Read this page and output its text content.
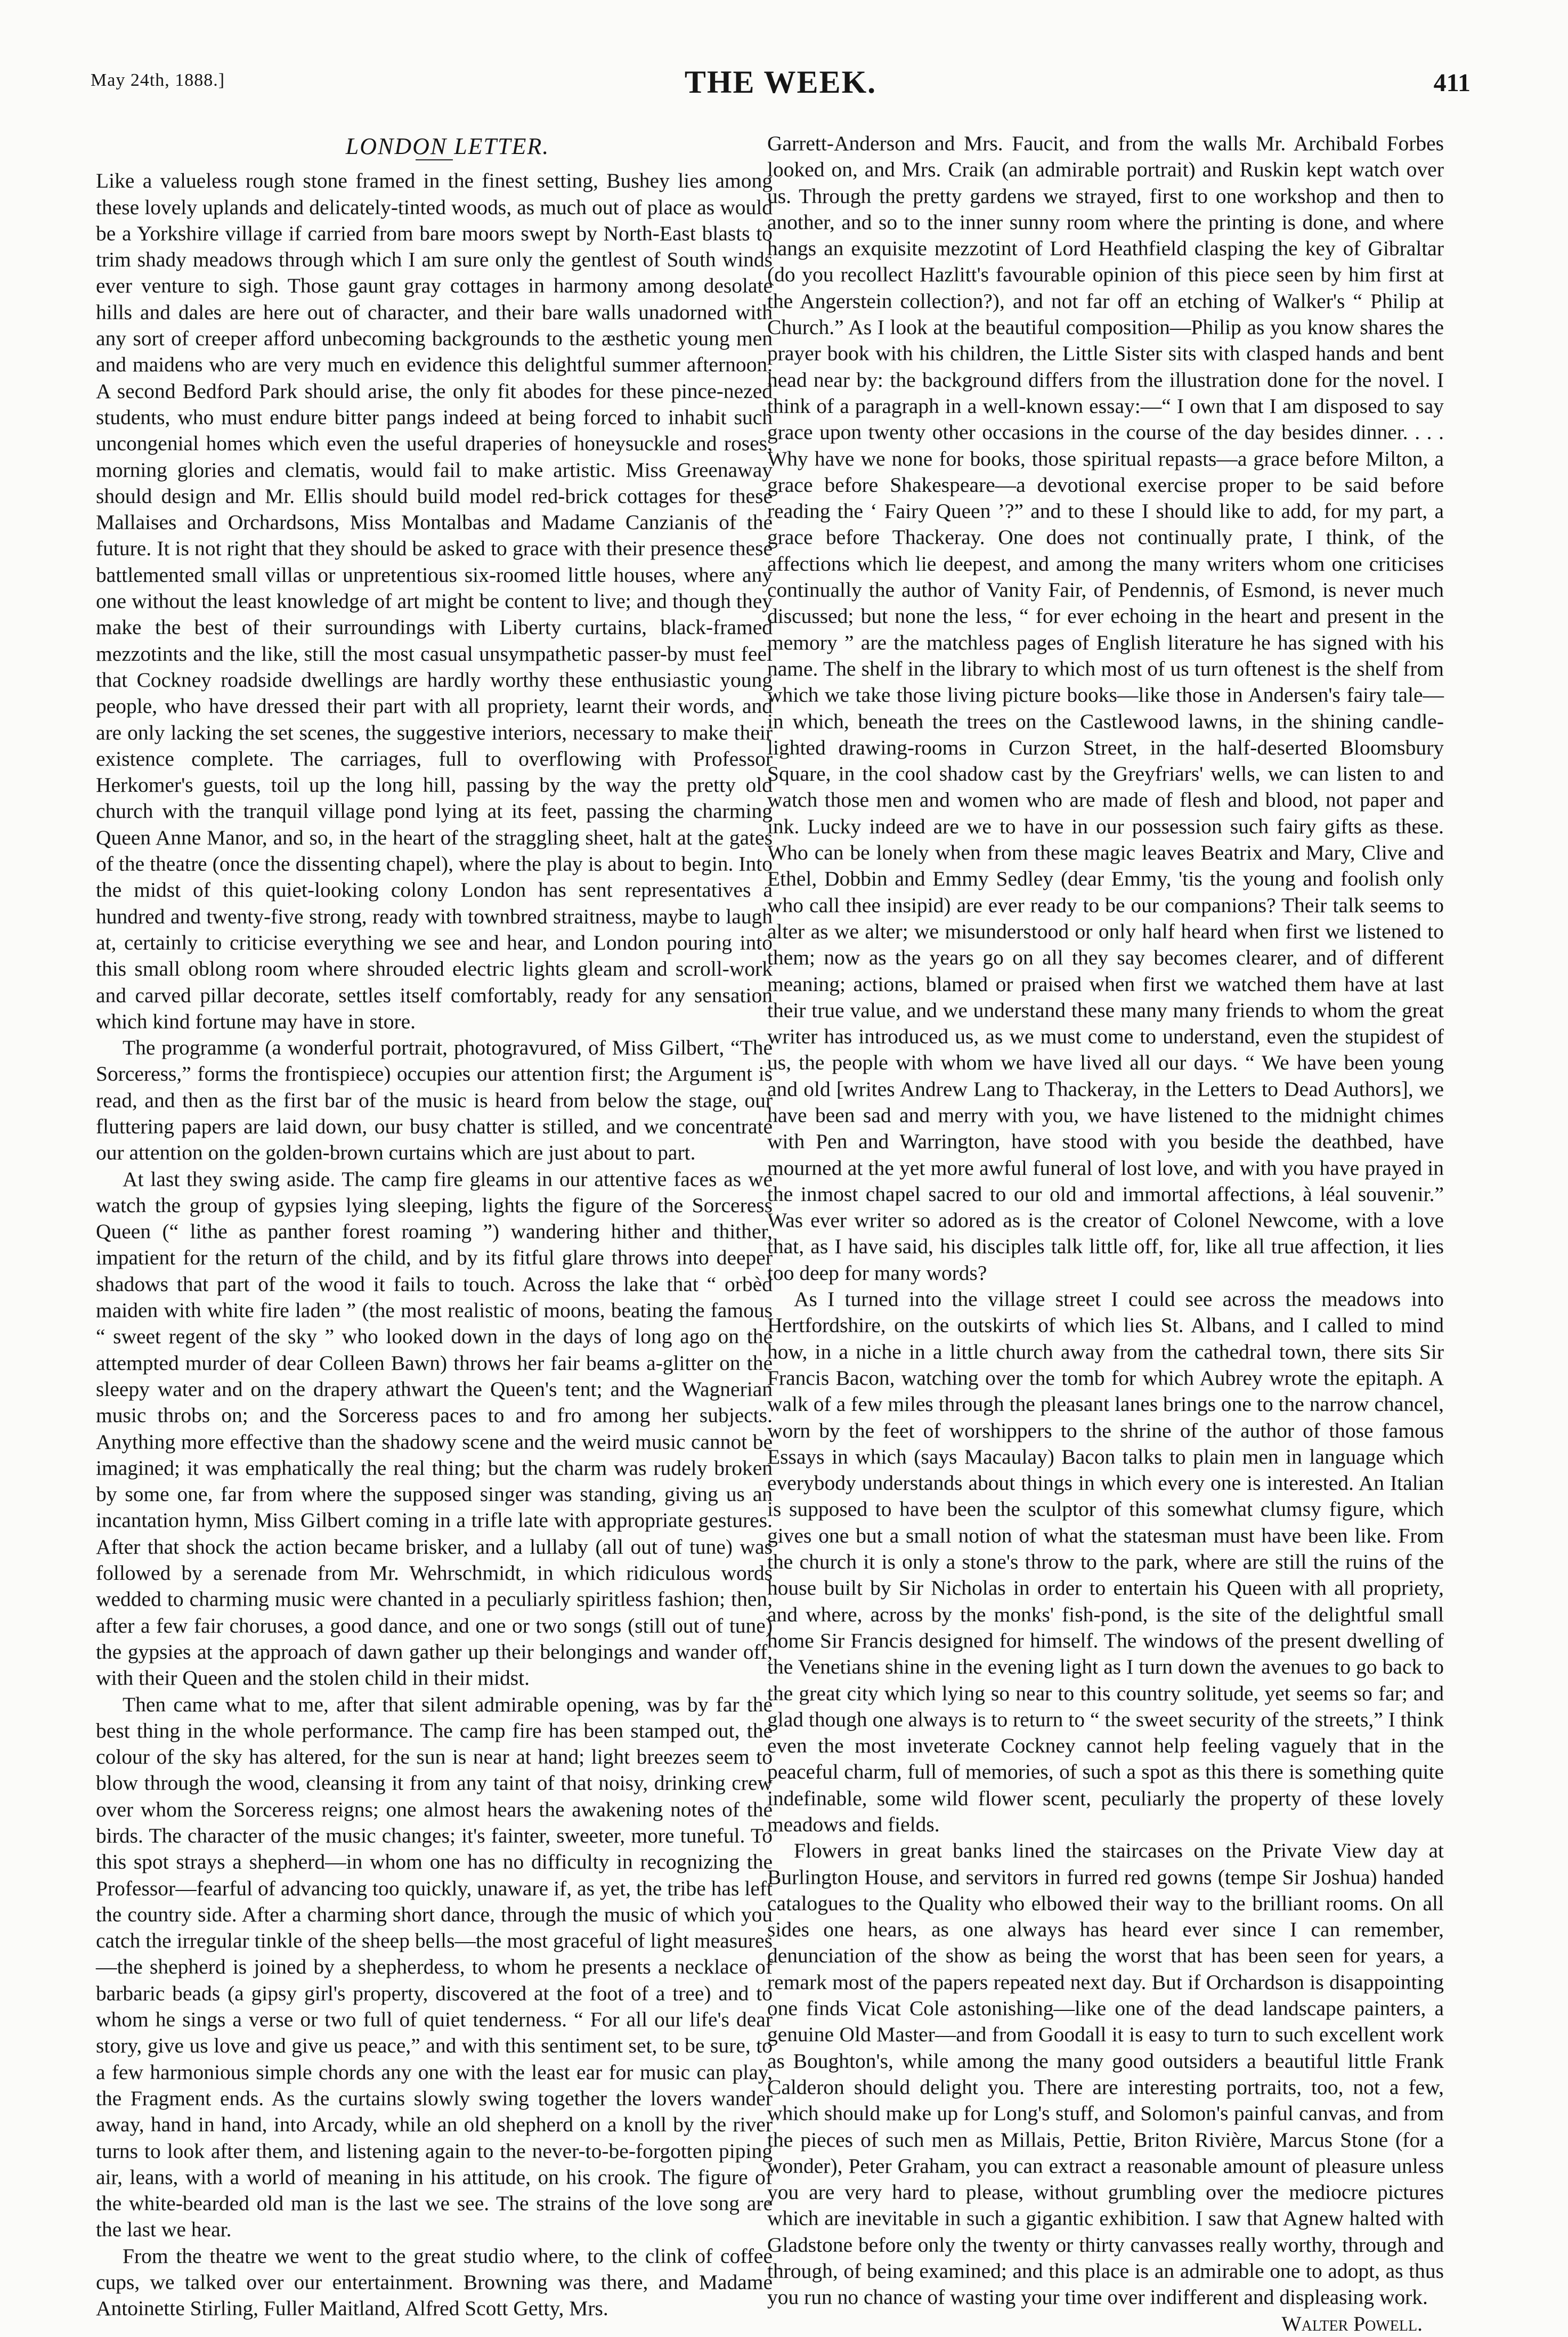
May 24th, 1888.]	THE WEEK.	411

LONDON LETTER.

Like a valueless rough stone framed in the finest setting, Bushey lies among these lovely uplands and delicately-tinted woods, as much out of place as would be a Yorkshire village if carried from bare moors swept by North-East blasts to trim shady meadows through which I am sure only the gentlest of South winds ever venture to sigh. Those gaunt gray cottages in harmony among desolate hills and dales are here out of character, and their bare walls unadorned with any sort of creeper afford unbecoming backgrounds to the æsthetic young men and maidens who are very much en evidence this delightful summer afternoon. A second Bedford Park should arise, the only fit abodes for these pince-nezed students, who must endure bitter pangs indeed at being forced to inhabit such uncongenial homes which even the useful draperies of honeysuckle and roses, morning glories and clematis, would fail to make artistic. Miss Greenaway should design and Mr. Ellis should build model red-brick cottages for these Mallaises and Orchardsons, Miss Montalbas and Madame Canzianis of the future. It is not right that they should be asked to grace with their presence these battlemented small villas or unpretentious six-roomed little houses, where any one without the least knowledge of art might be content to live; and though they make the best of their surroundings with Liberty curtains, black-framed mezzotints and the like, still the most casual unsympathetic passer-by must feel that Cockney roadside dwellings are hardly worthy these enthusiastic young people, who have dressed their part with all propriety, learnt their words, and are only lacking the set scenes, the suggestive interiors, necessary to make their existence complete. The carriages, full to overflowing with Professor Herkomer's guests, toil up the long hill, passing by the way the pretty old church with the tranquil village pond lying at its feet, passing the charming Queen Anne Manor, and so, in the heart of the straggling sheet, halt at the gates of the theatre (once the dissenting chapel), where the play is about to begin. Into the midst of this quiet-looking colony London has sent representatives a hundred and twenty-five strong, ready with townbred straitness, maybe to laugh at, certainly to criticise everything we see and hear, and London pouring into this small oblong room where shrouded electric lights gleam and scroll-work and carved pillar decorate, settles itself comfortably, ready for any sensation which kind fortune may have in store.

The programme (a wonderful portrait, photogravured, of Miss Gilbert, “The Sorceress,” forms the frontispiece) occupies our attention first; the Argument is read, and then as the first bar of the music is heard from below the stage, our fluttering papers are laid down, our busy chatter is stilled, and we concentrate our attention on the golden-brown curtains which are just about to part.

At last they swing aside. The camp fire gleams in our attentive faces as we watch the group of gypsies lying sleeping, lights the figure of the Sorceress Queen (“ lithe as panther forest roaming ”) wandering hither and thither, impatient for the return of the child, and by its fitful glare throws into deeper shadows that part of the wood it fails to touch. Across the lake that “ orbèd maiden with white fire laden ” (the most realistic of moons, beating the famous “ sweet regent of the sky ” who looked down in the days of long ago on the attempted murder of dear Colleen Bawn) throws her fair beams a-glitter on the sleepy water and on the drapery athwart the Queen's tent; and the Wagnerian music throbs on; and the Sorceress paces to and fro among her subjects. Anything more effective than the shadowy scene and the weird music cannot be imagined; it was emphatically the real thing; but the charm was rudely broken by some one, far from where the supposed singer was standing, giving us an incantation hymn, Miss Gilbert coming in a trifle late with appropriate gestures. After that shock the action became brisker, and a lullaby (all out of tune) was followed by a serenade from Mr. Wehrschmidt, in which ridiculous words wedded to charming music were chanted in a peculiarly spiritless fashion; then, after a few fair choruses, a good dance, and one or two songs (still out of tune) the gypsies at the approach of dawn gather up their belongings and wander off, with their Queen and the stolen child in their midst.

Then came what to me, after that silent admirable opening, was by far the best thing in the whole performance. The camp fire has been stamped out, the colour of the sky has altered, for the sun is near at hand; light breezes seem to blow through the wood, cleansing it from any taint of that noisy, drinking crew over whom the Sorceress reigns; one almost hears the awakening notes of the birds. The character of the music changes; it's fainter, sweeter, more tuneful. To this spot strays a shepherd—in whom one has no difficulty in recognizing the Professor—fearful of advancing too quickly, unaware if, as yet, the tribe has left the country side. After a charming short dance, through the music of which you catch the irregular tinkle of the sheep bells—the most graceful of light measures—the shepherd is joined by a shepherdess, to whom he presents a necklace of barbaric beads (a gipsy girl's property, discovered at the foot of a tree) and to whom he sings a verse or two full of quiet tenderness. “ For all our life's dear story, give us love and give us peace,” and with this sentiment set, to be sure, to a few harmonious simple chords any one with the least ear for music can play, the Fragment ends. As the curtains slowly swing together the lovers wander away, hand in hand, into Arcady, while an old shepherd on a knoll by the river turns to look after them, and listening again to the never-to-be-forgotten piping air, leans, with a world of meaning in his attitude, on his crook. The figure of the white-bearded old man is the last we see. The strains of the love song are the last we hear.

From the theatre we went to the great studio where, to the clink of coffee cups, we talked over our entertainment. Browning was there, and Madame Antoinette Stirling, Fuller Maitland, Alfred Scott Getty, Mrs.

Garrett-Anderson and Mrs. Faucit, and from the walls Mr. Archibald Forbes looked on, and Mrs. Craik (an admirable portrait) and Ruskin kept watch over us. Through the pretty gardens we strayed, first to one workshop and then to another, and so to the inner sunny room where the printing is done, and where hangs an exquisite mezzotint of Lord Heathfield clasping the key of Gibraltar (do you recollect Hazlitt's favourable opinion of this piece seen by him first at the Angerstein collection?), and not far off an etching of Walker's “ Philip at Church.” As I look at the beautiful composition—Philip as you know shares the prayer book with his children, the Little Sister sits with clasped hands and bent head near by: the background differs from the illustration done for the novel. I think of a paragraph in a well-known essay:—“ I own that I am disposed to say grace upon twenty other occasions in the course of the day besides dinner. . . . Why have we none for books, those spiritual repasts—a grace before Milton, a grace before Shakespeare—a devotional exercise proper to be said before reading the ‘ Fairy Queen ’?” and to these I should like to add, for my part, a grace before Thackeray. One does not continually prate, I think, of the affections which lie deepest, and among the many writers whom one criticises continually the author of Vanity Fair, of Pendennis, of Esmond, is never much discussed; but none the less, “ for ever echoing in the heart and present in the memory ” are the matchless pages of English literature he has signed with his name. The shelf in the library to which most of us turn oftenest is the shelf from which we take those living picture books—like those in Andersen's fairy tale—in which, beneath the trees on the Castlewood lawns, in the shining candle-lighted drawing-rooms in Curzon Street, in the half-deserted Bloomsbury Square, in the cool shadow cast by the Greyfriars' wells, we can listen to and watch those men and women who are made of flesh and blood, not paper and ink. Lucky indeed are we to have in our possession such fairy gifts as these. Who can be lonely when from these magic leaves Beatrix and Mary, Clive and Ethel, Dobbin and Emmy Sedley (dear Emmy, 'tis the young and foolish only who call thee insipid) are ever ready to be our companions? Their talk seems to alter as we alter; we misunderstood or only half heard when first we listened to them; now as the years go on all they say becomes clearer, and of different meaning; actions, blamed or praised when first we watched them have at last their true value, and we understand these many many friends to whom the great writer has introduced us, as we must come to understand, even the stupidest of us, the people with whom we have lived all our days. “ We have been young and old [writes Andrew Lang to Thackeray, in the Letters to Dead Authors], we have been sad and merry with you, we have listened to the midnight chimes with Pen and Warrington, have stood with you beside the deathbed, have mourned at the yet more awful funeral of lost love, and with you have prayed in the inmost chapel sacred to our old and immortal affections, à léal souvenir.” Was ever writer so adored as is the creator of Colonel Newcome, with a love that, as I have said, his disciples talk little off, for, like all true affection, it lies too deep for many words?

As I turned into the village street I could see across the meadows into Hertfordshire, on the outskirts of which lies St. Albans, and I called to mind how, in a niche in a little church away from the cathedral town, there sits Sir Francis Bacon, watching over the tomb for which Aubrey wrote the epitaph. A walk of a few miles through the pleasant lanes brings one to the narrow chancel, worn by the feet of worshippers to the shrine of the author of those famous Essays in which (says Macaulay) Bacon talks to plain men in language which everybody understands about things in which every one is interested. An Italian is supposed to have been the sculptor of this somewhat clumsy figure, which gives one but a small notion of what the statesman must have been like. From the church it is only a stone's throw to the park, where are still the ruins of the house built by Sir Nicholas in order to entertain his Queen with all propriety, and where, across by the monks' fish-pond, is the site of the delightful small home Sir Francis designed for himself. The windows of the present dwelling of the Venetians shine in the evening light as I turn down the avenues to go back to the great city which lying so near to this country solitude, yet seems so far; and glad though one always is to return to “ the sweet security of the streets,” I think even the most inveterate Cockney cannot help feeling vaguely that in the peaceful charm, full of memories, of such a spot as this there is something quite indefinable, some wild flower scent, peculiarly the property of these lovely meadows and fields.

Flowers in great banks lined the staircases on the Private View day at Burlington House, and servitors in furred red gowns (tempe Sir Joshua) handed catalogues to the Quality who elbowed their way to the brilliant rooms. On all sides one hears, as one always has heard ever since I can remember, denunciation of the show as being the worst that has been seen for years, a remark most of the papers repeated next day. But if Orchardson is disappointing one finds Vicat Cole astonishing—like one of the dead landscape painters, a genuine Old Master—and from Goodall it is easy to turn to such excellent work as Boughton's, while among the many good outsiders a beautiful little Frank Calderon should delight you. There are interesting portraits, too, not a few, which should make up for Long's stuff, and Solomon's painful canvas, and from the pieces of such men as Millais, Pettie, Briton Rivière, Marcus Stone (for a wonder), Peter Graham, you can extract a reasonable amount of pleasure unless you are very hard to please, without grumbling over the mediocre pictures which are inevitable in such a gigantic exhibition. I saw that Agnew halted with Gladstone before only the twenty or thirty canvasses really worthy, through and through, of being examined; and this place is an admirable one to adopt, as thus you run no chance of wasting your time over indifferent and displeasing work.

Walter Powell.
